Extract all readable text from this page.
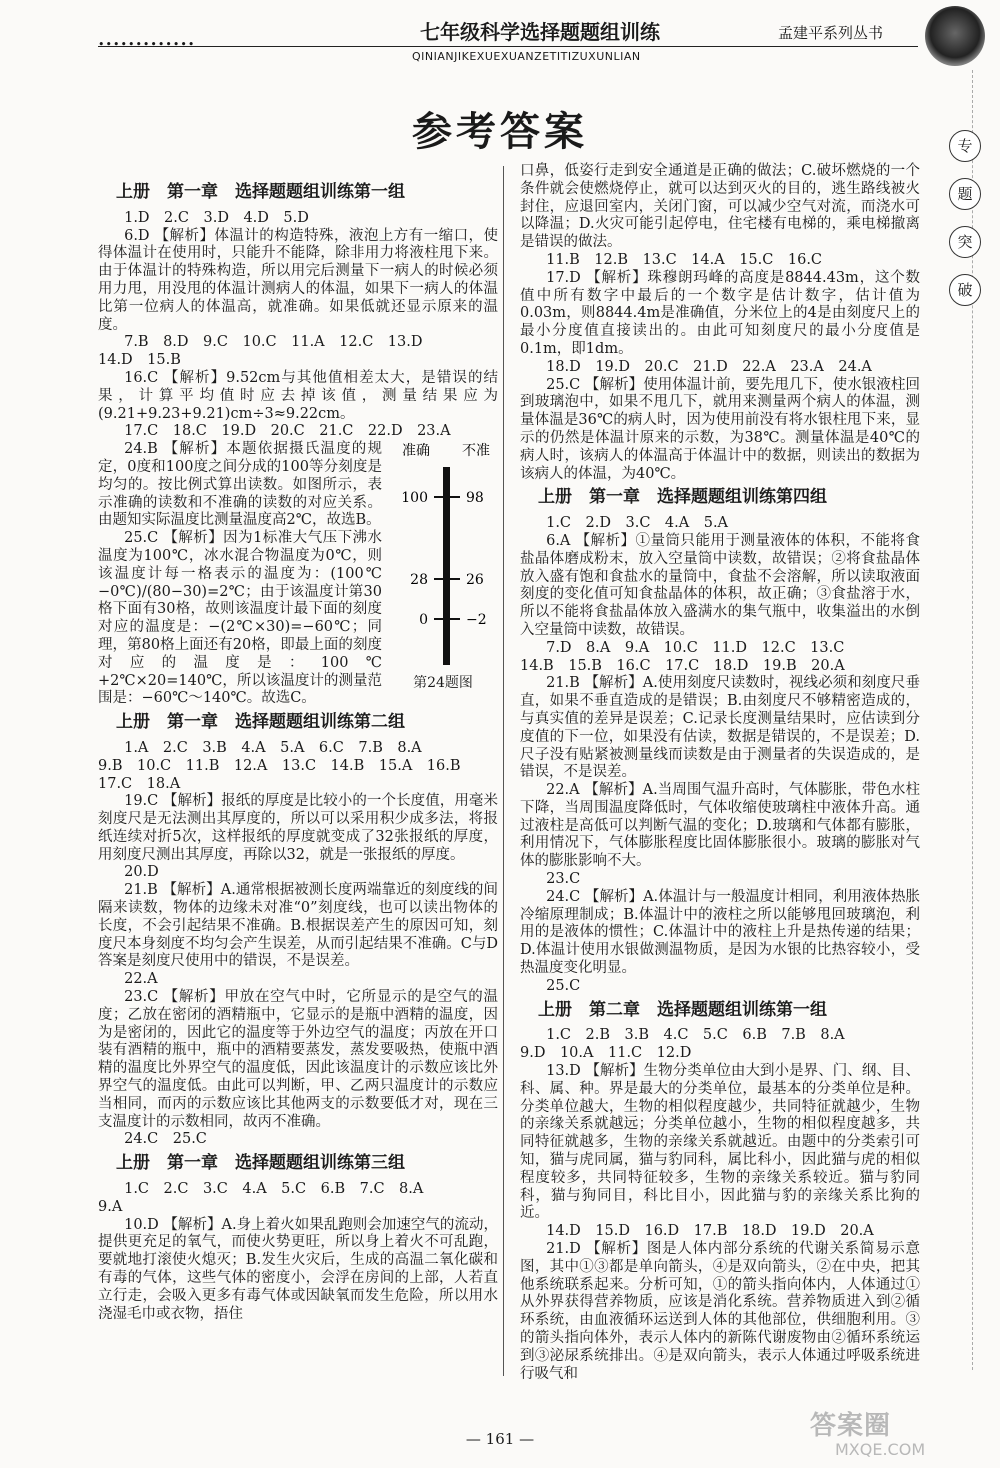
•••••••••••••
七年级科学选择题题组训练
QINIANJIKEXUEXUANZETITIZUXUNLIAN
孟建平系列丛书
专
题
突
破
参考答案
上册　第一章　选择题题组训练第一组

1.D　2.C　3.D　4.D　5.D

6.D 【解析】体温计的构造特殊，液泡上方有一缩口，使得体温计在使用时，只能升不能降，除非用力将液柱甩下来。由于体温计的特殊构造，所以用完后测量下一病人的时候必须用力甩，用没甩的体温计测病人的体温，如果下一病人的体温比第一位病人的体温高，就准确。如果低就还显示原来的温度。

7.B　8.D　9.C　10.C　11.A　12.C　13.D

14.D　15.B

16.C 【解析】9.52cm与其他值相差太大，是错误的结果，计算平均值时应去掉该值，测量结果应为(9.21+9.23+9.21)cm÷3≈9.22cm。

17.C　18.C　19.D　20.C　21.C　22.D　23.A

准确 不准
100
28
0
98
26
−2
第24题图

24.B 【解析】本题依据摄氏温度的规定，0度和100度之间分成的100等分刻度是均匀的。按比例式算出读数。如图所示，表示准确的读数和不准确的读数的对应关系。由题知实际温度比测量温度高2℃，故选B。

25.C 【解析】因为1标准大气压下沸水温度为100℃，冰水混合物温度为0℃，则该温度计每一格表示的温度为：(100℃−0℃)/(80−30)=2℃；由于该温度计第30格下面有30格，故则该温度计最下面的刻度对应的温度是：−(2℃×30)=−60℃；同理，第80格上面还有20格，即最上面的刻度对应的温度是：100℃+2℃×20=140℃，所以该温度计的测量范围是：−60℃～140℃。故选C。

上册　第一章　选择题题组训练第二组

1.A　2.C　3.B　4.A　5.A　6.C　7.B　8.A

9.B　10.C　11.B　12.A　13.C　14.B　15.A　16.B

17.C　18.A

19.C 【解析】报纸的厚度是比较小的一个长度值，用毫米刻度尺是无法测出其厚度的，所以可以采用积少成多法，将报纸连续对折5次，这样报纸的厚度就变成了32张报纸的厚度，用刻度尺测出其厚度，再除以32，就是一张报纸的厚度。

20.D

21.B 【解析】A.通常根据被测长度两端靠近的刻度线的间隔来读数，物体的边缘未对准“0”刻度线，也可以读出物体的长度，不会引起结果不准确。B.根据误差产生的原因可知，刻度尺本身刻度不均匀会产生误差，从而引起结果不准确。C与D答案是刻度尺使用中的错误，不是误差。

22.A

23.C 【解析】甲放在空气中时，它所显示的是空气的温度；乙放在密闭的酒精瓶中，它显示的是瓶中酒精的温度，因为是密闭的，因此它的温度等于外边空气的温度；丙放在开口装有酒精的瓶中，瓶中的酒精要蒸发，蒸发要吸热，使瓶中酒精的温度比外界空气的温度低，因此该温度计的示数应该比外界空气的温度低。由此可以判断，甲、乙两只温度计的示数应当相同，而丙的示数应该比其他两支的示数要低才对，现在三支温度计的示数相同，故丙不准确。

24.C　25.C

上册　第一章　选择题题组训练第三组

1.C　2.C　3.C　4.A　5.C　6.B　7.C　8.A

9.A

10.D 【解析】A.身上着火如果乱跑则会加速空气的流动，提供更充足的氧气，而使火势更旺，所以身上着火不可乱跑，要就地打滚使火熄灭；B.发生火灾后，生成的高温二氧化碳和有毒的气体，这些气体的密度小，会浮在房间的上部，人若直立行走，会吸入更多有毒气体或因缺氧而发生危险，所以用水浇湿毛巾或衣物，捂住

口鼻，低姿行走到安全通道是正确的做法；C.破坏燃烧的一个条件就会使燃烧停止，就可以达到灭火的目的，逃生路线被火封住，应退回室内，关闭门窗，可以减少空气对流，而浇水可以降温；D.火灾可能引起停电，住宅楼有电梯的，乘电梯撤离是错误的做法。

11.B　12.B　13.C　14.A　15.C　16.C

17.D 【解析】珠穆朗玛峰的高度是8844.43m，这个数值中所有数字中最后的一个数字是估计数字，估计值为0.03m，则8844.4m是准确值，分米位上的4是由刻度尺上的最小分度值直接读出的。由此可知刻度尺的最小分度值是0.1m，即1dm。

18.D　19.D　20.C　21.D　22.A　23.A　24.A

25.C 【解析】使用体温计前，要先甩几下，使水银液柱回到玻璃泡中，如果不甩几下，就用来测量两个病人的体温，测量体温是36℃的病人时，因为使用前没有将水银柱甩下来，显示的仍然是体温计原来的示数，为38℃。测量体温是40℃的病人时，该病人的体温高于体温计中的数据，则读出的数据为该病人的体温，为40℃。

上册　第一章　选择题题组训练第四组

1.C　2.D　3.C　4.A　5.A

6.A 【解析】①量筒只能用于测量液体的体积，不能将食盐晶体磨成粉末，放入空量筒中读数，故错误；②将食盐晶体放入盛有饱和食盐水的量筒中，食盐不会溶解，所以读取液面刻度的变化值可知食盐晶体的体积，故正确；③食盐溶于水，所以不能将食盐晶体放入盛满水的集气瓶中，收集溢出的水倒入空量筒中读数，故错误。

7.D　8.A　9.A　10.C　11.D　12.C　13.C

14.B　15.B　16.C　17.C　18.D　19.B　20.A

21.B 【解析】A.使用刻度尺读数时，视线必须和刻度尺垂直，如果不垂直造成的是错误；B.由刻度尺不够精密造成的，与真实值的差异是误差；C.记录长度测量结果时，应估读到分度值的下一位，如果没有估读，数据是错误的，不是误差；D.尺子没有贴紧被测量线而读数是由于测量者的失误造成的，是错误，不是误差。

22.A 【解析】A.当周围气温升高时，气体膨胀，带色水柱下降，当周围温度降低时，气体收缩使玻璃柱中液体升高。通过液柱是高低可以判断气温的变化；D.玻璃和气体都有膨胀，利用情况下，气体膨胀程度比固体膨胀很小。玻璃的膨胀对气体的膨胀影响不大。

23.C

24.C 【解析】A.体温计与一般温度计相同，利用液体热胀冷缩原理制成；B.体温计中的液柱之所以能够甩回玻璃泡，利用的是液体的惯性；C.体温计中的液柱上升是热传递的结果；D.体温计使用水银做测温物质，是因为水银的比热容较小，受热温度变化明显。

25.C

上册　第二章　选择题题组训练第一组

1.C　2.B　3.B　4.C　5.C　6.B　7.B　8.A

9.D　10.A　11.C　12.D

13.D 【解析】生物分类单位由大到小是界、门、纲、目、科、属、种。界是最大的分类单位，最基本的分类单位是种。分类单位越大，生物的相似程度越少，共同特征就越少，生物的亲缘关系就越远；分类单位越小，生物的相似程度越多，共同特征就越多，生物的亲缘关系就越近。由题中的分类索引可知，猫与虎同属，猫与豹同科，属比科小，因此猫与虎的相似程度较多，共同特征较多，生物的亲缘关系较近。猫与豹同科，猫与狗同目，科比目小，因此猫与豹的亲缘关系比狗的近。

14.D　15.D　16.D　17.B　18.D　19.D　20.A

21.D 【解析】图是人体内部分系统的代谢关系简易示意图，其中①③都是单向箭头，④是双向箭头，②在中央，把其他系统联系起来。分析可知，①的箭头指向体内，人体通过①从外界获得营养物质，应该是消化系统。营养物质进入到②循环系统，由血液循环运送到人体的其他部位，供细胞利用。③的箭头指向体外，表示人体内的新陈代谢废物由②循环系统运到③泌尿系统排出。④是双向箭头，表示人体通过呼吸系统进行吸气和

— 161 —	答案圈
MXQE.COM
